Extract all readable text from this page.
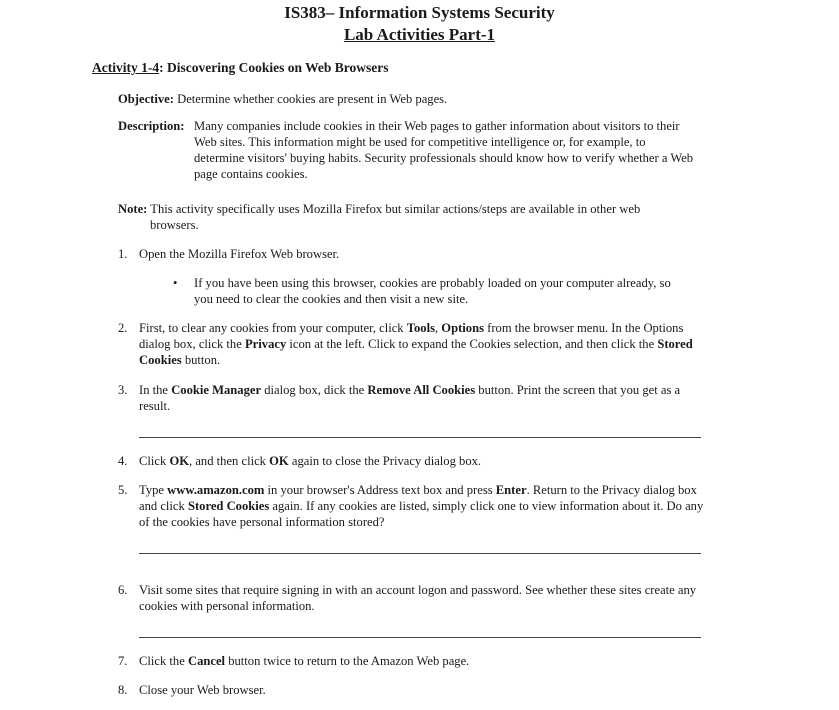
IS383– Information Systems Security
Lab Activities Part-1
Activity 1-4: Discovering Cookies on Web Browsers
Objective: Determine whether cookies are present in Web pages.
Description: Many companies include cookies in their Web pages to gather information about visitors to their
Web sites. This information might be used for competitive intelligence or, for example, to
determine visitors' buying habits. Security professionals should know how to verify whether a Web
page contains cookies.
Note: This activity specifically uses Mozilla Firefox but similar actions/steps are available in other web
browsers.
1. Open the Mozilla Firefox Web browser.
• If you have been using this browser, cookies are probably loaded on your computer already, so
you need to clear the cookies and then visit a new site.
2. First, to clear any cookies from your computer, click Tools, Options from the browser menu. In the Options
dialog box, click the Privacy icon at the left. Click to expand the Cookies selection, and then click the Stored
Cookies button.
3. In the Cookie Manager dialog box, dick the Remove All Cookies button. Print the screen that you get as a
result.
4. Click OK, and then click OK again to close the Privacy dialog box.
5. Type www.amazon.com in your browser's Address text box and press Enter. Return to the Privacy dialog box
and click Stored Cookies again. If any cookies are listed, simply click one to view information about it. Do any
of the cookies have personal information stored?
6. Visit some sites that require signing in with an account logon and password. See whether these sites create any
cookies with personal information.
7. Click the Cancel button twice to return to the Amazon Web page.
8. Close your Web browser.
